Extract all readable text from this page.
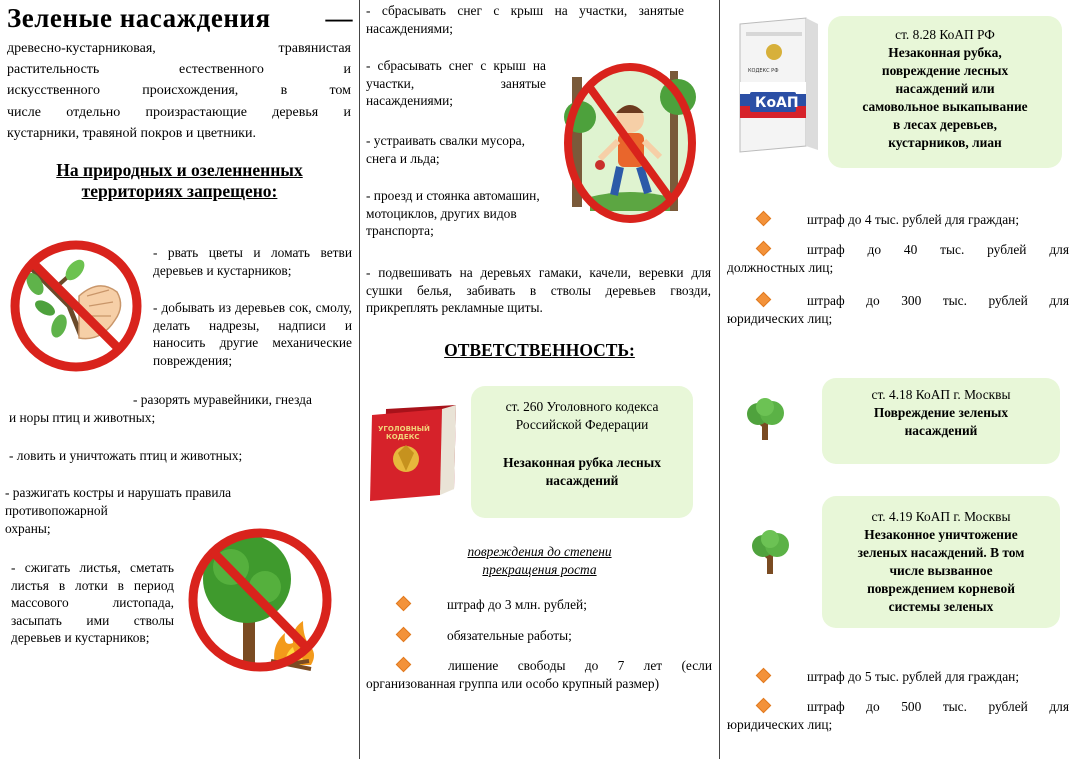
Зеленые насаждения —
древесно-кустарниковая, травянистая
растительность естественного и
искусственного происхождения, в том
числе отдельно произрастающие деревья и
кустарники, травяной покров и цветники.
На природных и озеленненных
территориях запрещено:
- рвать цветы и ломать ветви деревьев и кустарников;
- добывать из деревьев сок, смолу, делать надрезы, надписи и наносить другие механические повреждения;
- разорять муравейники, гнезда
и норы птиц и животных;
- ловить и уничтожать птиц и животных;
- разжигать костры и нарушать правила
противопожарной
охраны;
- сжигать листья, сметать листья в лотки в период массового листопада, засыпать ими стволы деревьев и кустарников;
- сбрасывать снег с крыш на участки, занятые насаждениями;
- сбрасывать снег с крыш на участки, занятые насаждениями;
- устраивать свалки мусора, снега и льда;
- проезд и стоянка автомашин, мотоциклов, других видов транспорта;
- подвешивать на деревьях гамаки, качели, веревки для сушки белья, забивать в стволы деревьев гвозди, прикреплять рекламные щиты.
ОТВЕТСТВЕННОСТЬ:
УГОЛОВНЫЙ
КОДЕКС
ст. 260 Уголовного кодекса
Российской Федерации
Незаконная рубка лесных
насаждений
повреждения до степени
прекращения роста
штраф до 3 млн. рублей;
обязательные работы;
лишение свободы до 7 лет (если организованная группа или особо крупный размер)
КОДЕКС РФ
КоАП
ст. 8.28 КоАП РФ
Незаконная рубка,
повреждение лесных
насаждений или
самовольное выкапывание
в лесах деревьев,
кустарников, лиан
штраф до 4 тыс. рублей для граждан;
штраф до 40 тыс. рублей для
должностных лиц;
штраф до 300 тыс. рублей для
юридических лиц;
ст. 4.18 КоАП г. Москвы
Повреждение зеленых
насаждений
ст. 4.19 КоАП г. Москвы
Незаконное уничтожение
зеленых насаждений. В том
числе вызванное
повреждением корневой
системы зеленых
штраф до 5 тыс. рублей для граждан;
штраф до 500 тыс. рублей для
юридических лиц;
